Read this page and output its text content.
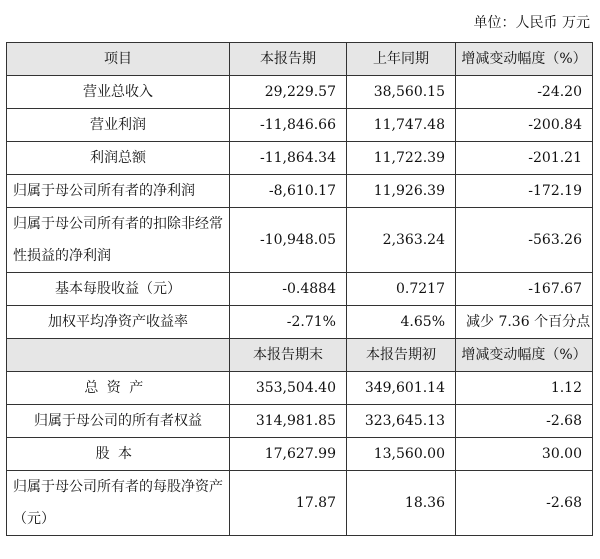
单位：人民币 万元
项目	本报告期	上年同期	增减变动幅度（%）
营业总收入	29,229.57	38,560.15	-24.20
营业利润	-11,846.66	11,747.48	-200.84
利润总额	-11,864.34	11,722.39	-201.21
归属于母公司所有者的净利润	-8,610.17	11,926.39	-172.19
归属于母公司所有者的扣除非经常性损益的净利润	-10,948.05	2,363.24	-563.26
基本每股收益（元）	-0.4884	0.7217	-167.67
加权平均净资产收益率	-2.71%	4.65%	减少 7.36 个百分点
	本报告期末	本报告期初	增减变动幅度（%）
总资产	353,504.40	349,601.14	1.12
归属于母公司的所有者权益	314,981.85	323,645.13	-2.68
股本	17,627.99	13,560.00	30.00
归属于母公司所有者的每股净资产（元）	17.87	18.36	-2.68
